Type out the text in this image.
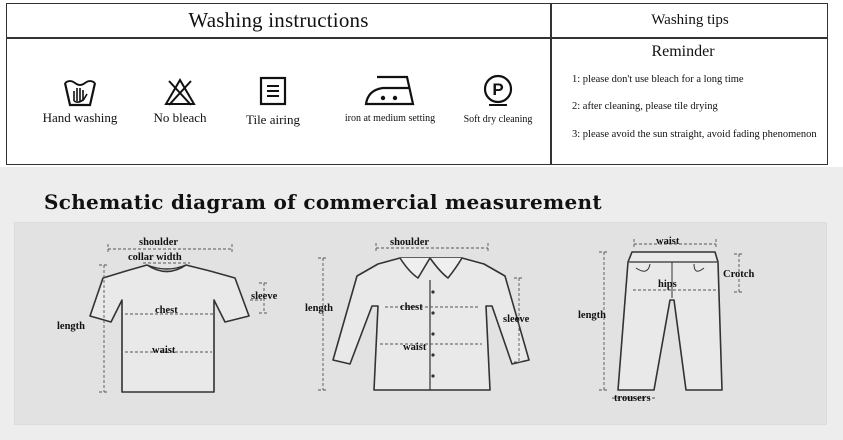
Washing instructions	Washing tips
Hand washing	No bleach	Tile airing	iron at medium setting
P
Soft dry cleaning
Reminder
1: please don't use bleach for a long time
2: after cleaning, please tile drying
3: please avoid the sun straight, avoid fading phenomenon
Schematic diagram of commercial measurement
shoulder
collar width
sleeve
chest
length
waist
shoulder
length	chest
sleeve
waist
waist
Crotch
hips
length
trousers
